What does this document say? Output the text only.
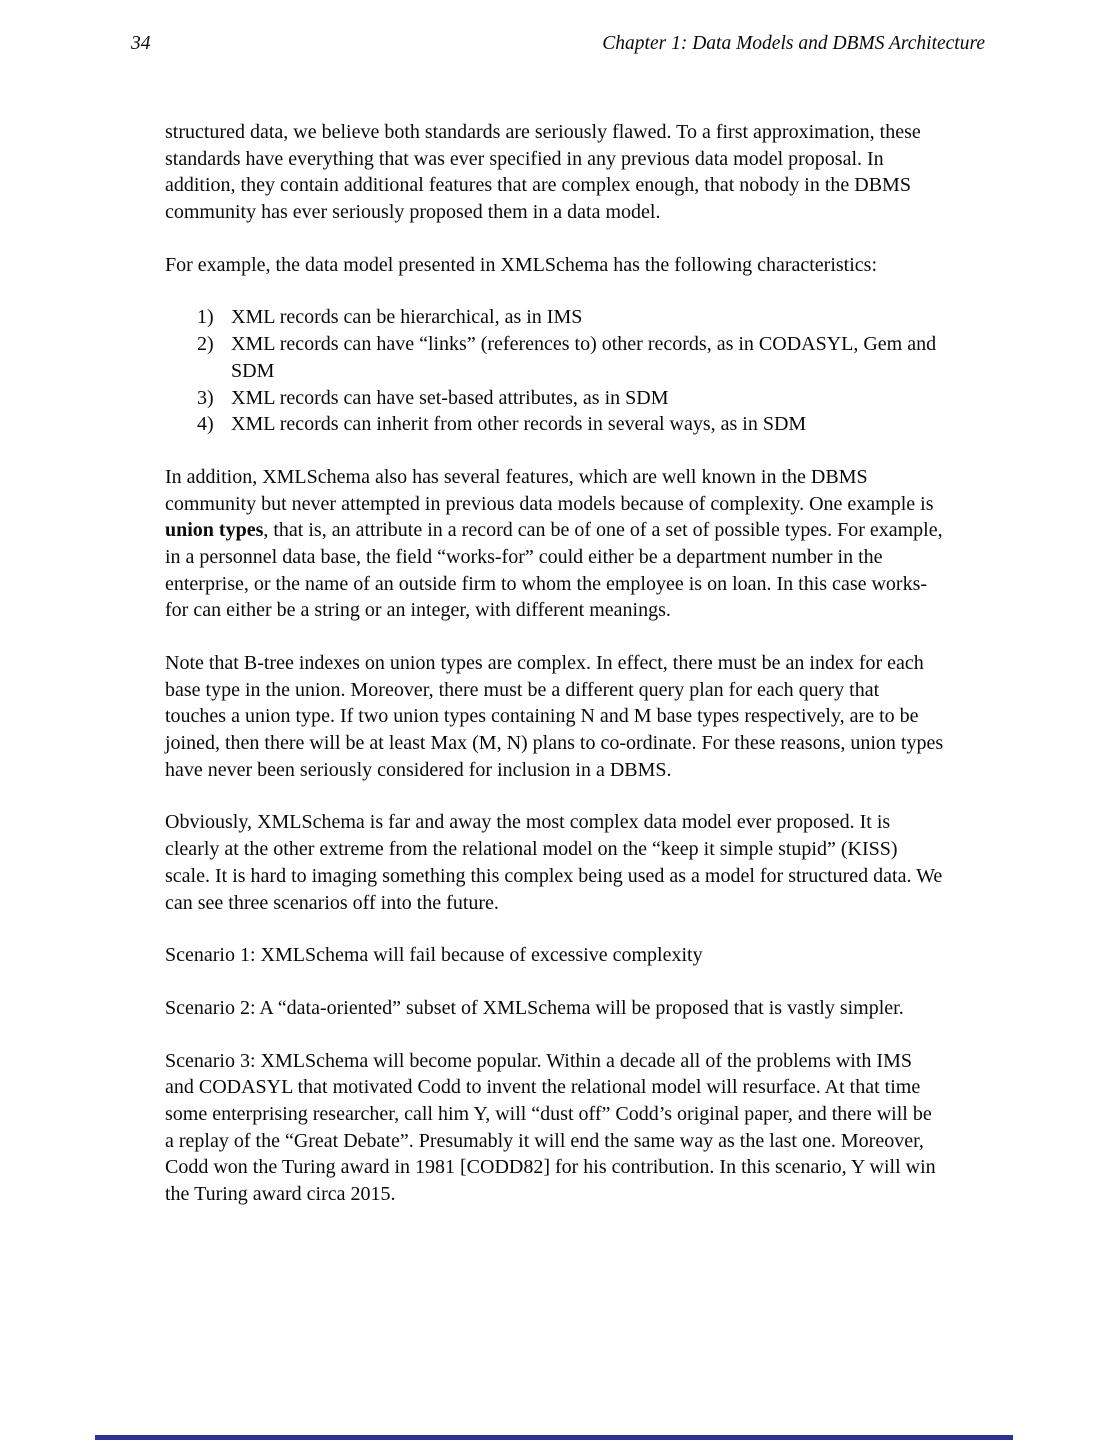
34	Chapter 1: Data Models and DBMS Architecture

structured data, we believe both standards are seriously flawed. To a first approximation, these standards have everything that was ever specified in any previous data model proposal. In addition, they contain additional features that are complex enough, that nobody in the DBMS community has ever seriously proposed them in a data model.

For example, the data model presented in XMLSchema has the following characteristics:

1) XML records can be hierarchical, as in IMS
2) XML records can have “links” (references to) other records, as in CODASYL, Gem and SDM
3) XML records can have set-based attributes, as in SDM
4) XML records can inherit from other records in several ways, as in SDM

In addition, XMLSchema also has several features, which are well known in the DBMS community but never attempted in previous data models because of complexity. One example is union types, that is, an attribute in a record can be of one of a set of possible types. For example, in a personnel data base, the field “works-for” could either be a department number in the enterprise, or the name of an outside firm to whom the employee is on loan. In this case works-for can either be a string or an integer, with different meanings.

Note that B-tree indexes on union types are complex. In effect, there must be an index for each base type in the union. Moreover, there must be a different query plan for each query that touches a union type. If two union types containing N and M base types respectively, are to be joined, then there will be at least Max (M, N) plans to co-ordinate. For these reasons, union types have never been seriously considered for inclusion in a DBMS.

Obviously, XMLSchema is far and away the most complex data model ever proposed. It is clearly at the other extreme from the relational model on the “keep it simple stupid” (KISS) scale. It is hard to imaging something this complex being used as a model for structured data. We can see three scenarios off into the future.

Scenario 1: XMLSchema will fail because of excessive complexity

Scenario 2: A “data-oriented” subset of XMLSchema will be proposed that is vastly simpler.

Scenario 3: XMLSchema will become popular. Within a decade all of the problems with IMS and CODASYL that motivated Codd to invent the relational model will resurface. At that time some enterprising researcher, call him Y, will “dust off” Codd’s original paper, and there will be a replay of the “Great Debate”. Presumably it will end the same way as the last one. Moreover, Codd won the Turing award in 1981 [CODD82] for his contribution. In this scenario, Y will win the Turing award circa 2015.
